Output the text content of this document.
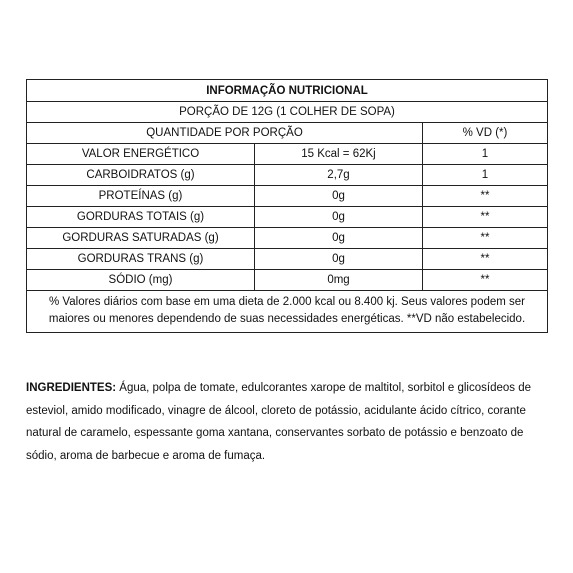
INFORMAÇÃO NUTRICIONAL		
PORÇÃO DE 12G (1 COLHER DE SOPA)		
QUANTIDADE POR PORÇÃO		% VD (*)
VALOR ENERGÉTICO	15 Kcal = 62Kj	1
CARBOIDRATOS (g)	2,7g	1
PROTEÍNAS (g)	0g	**
GORDURAS TOTAIS (g)	0g	**
GORDURAS SATURADAS (g)	0g	**
GORDURAS TRANS (g)	0g	**
SÓDIO (mg)	0mg	**
% Valores diários com base em uma dieta de 2.000 kcal ou 8.400 kj. Seus valores podem ser maiores ou menores dependendo de suas necessidades energéticas. **VD não estabelecido.		
INGREDIENTES: Água, polpa de tomate, edulcorantes xarope de maltitol, sorbitol e glicosídeos de esteviol, amido modificado, vinagre de álcool, cloreto de potássio, acidulante ácido cítrico, corante natural de caramelo, espessante goma xantana, conservantes sorbato de potássio e benzoato de sódio, aroma de barbecue e aroma de fumaça.
